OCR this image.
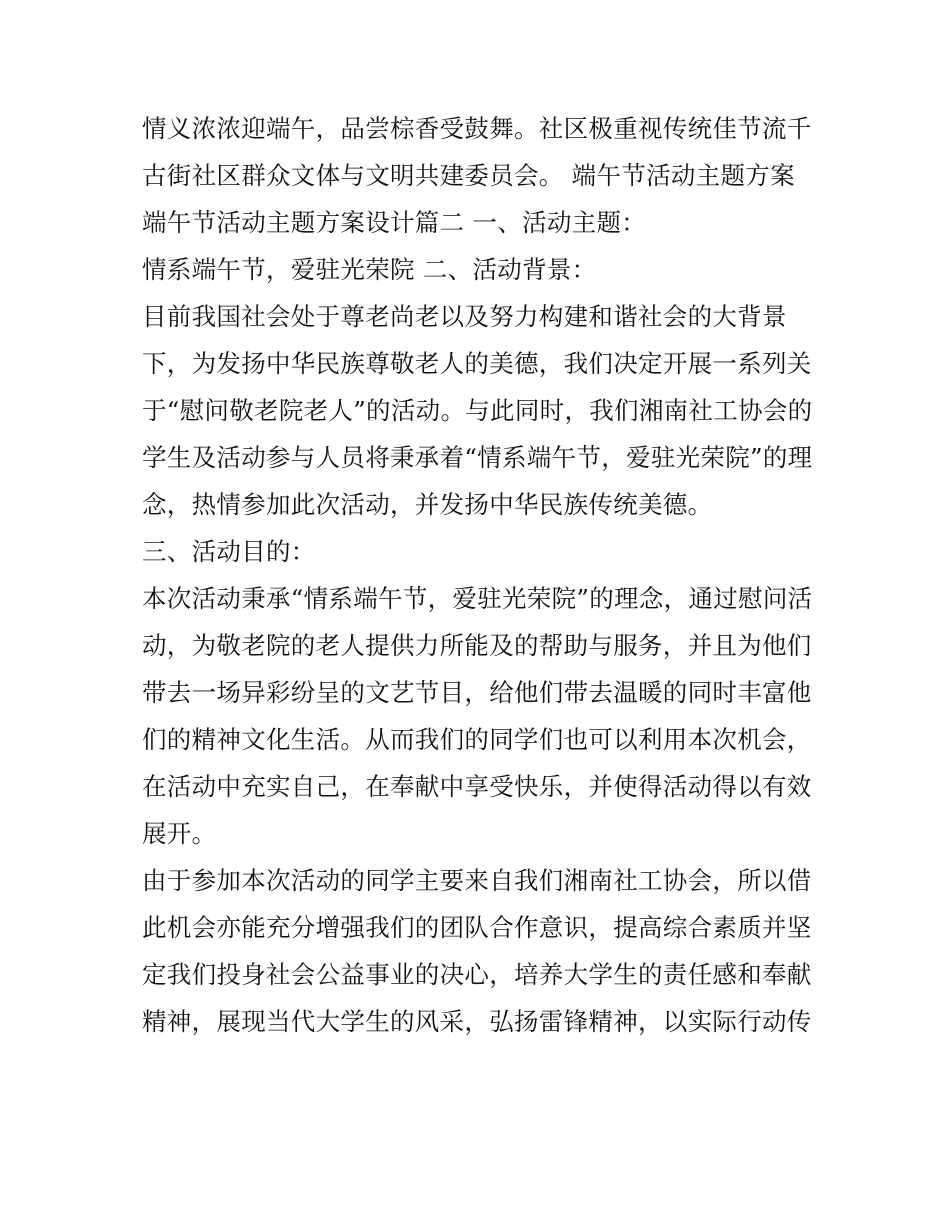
情义浓浓迎端午，品尝棕香受鼓舞。社区极重视传统佳节流千
古街社区群众文体与文明共建委员会。 端午节活动主题方案
端午节活动主题方案设计篇二 一、活动主题：
情系端午节，爱驻光荣院 二、活动背景：
目前我国社会处于尊老尚老以及努力构建和谐社会的大背景
下，为发扬中华民族尊敬老人的美德，我们决定开展一系列关
于“慰问敬老院老人”的活动。与此同时，我们湘南社工协会的
学生及活动参与人员将秉承着“情系端午节，爱驻光荣院”的理
念，热情参加此次活动，并发扬中华民族传统美德。
三、活动目的：
本次活动秉承“情系端午节，爱驻光荣院”的理念，通过慰问活
动，为敬老院的老人提供力所能及的帮助与服务，并且为他们
带去一场异彩纷呈的文艺节目，给他们带去温暖的同时丰富他
们的精神文化生活。从而我们的同学们也可以利用本次机会，
在活动中充实自己，在奉献中享受快乐，并使得活动得以有效
展开。
由于参加本次活动的同学主要来自我们湘南社工协会，所以借
此机会亦能充分增强我们的团队合作意识，提高综合素质并坚
定我们投身社会公益事业的决心，培养大学生的责任感和奉献
精神，展现当代大学生的风采，弘扬雷锋精神，以实际行动传
